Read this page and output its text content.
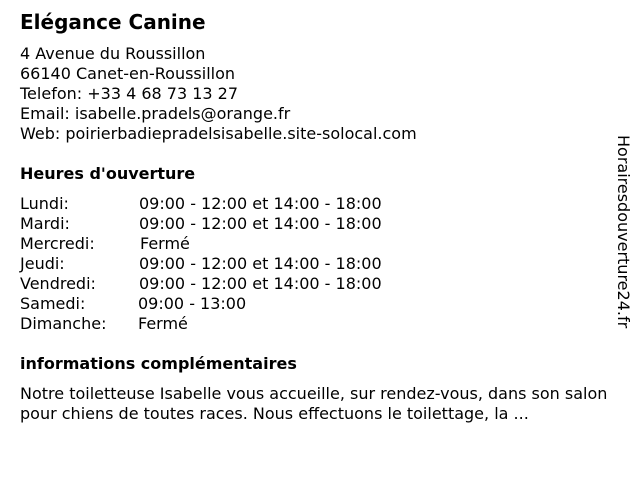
Elégance Canine
4 Avenue du Roussillon
66140 Canet-en-Roussillon
Telefon: +33 4 68 73 13 27
Email: isabelle.pradels@orange.fr
Web: poirierbadiepradelsisabelle.site-solocal.com
Heures d'ouverture
Lundi:	09:00 - 12:00 et 14:00 - 18:00
Mardi:	09:00 - 12:00 et 14:00 - 18:00
Mercredi:	Fermé
Jeudi:	09:00 - 12:00 et 14:00 - 18:00
Vendredi:	09:00 - 12:00 et 14:00 - 18:00
Samedi:	09:00 - 13:00
Dimanche: Fermé
informations complémentaires
Notre toiletteuse Isabelle vous accueille, sur rendez-vous, dans son salon pour chiens de toutes races. Nous effectuons le toilettage, la ...
Horairesdouverture24.fr
